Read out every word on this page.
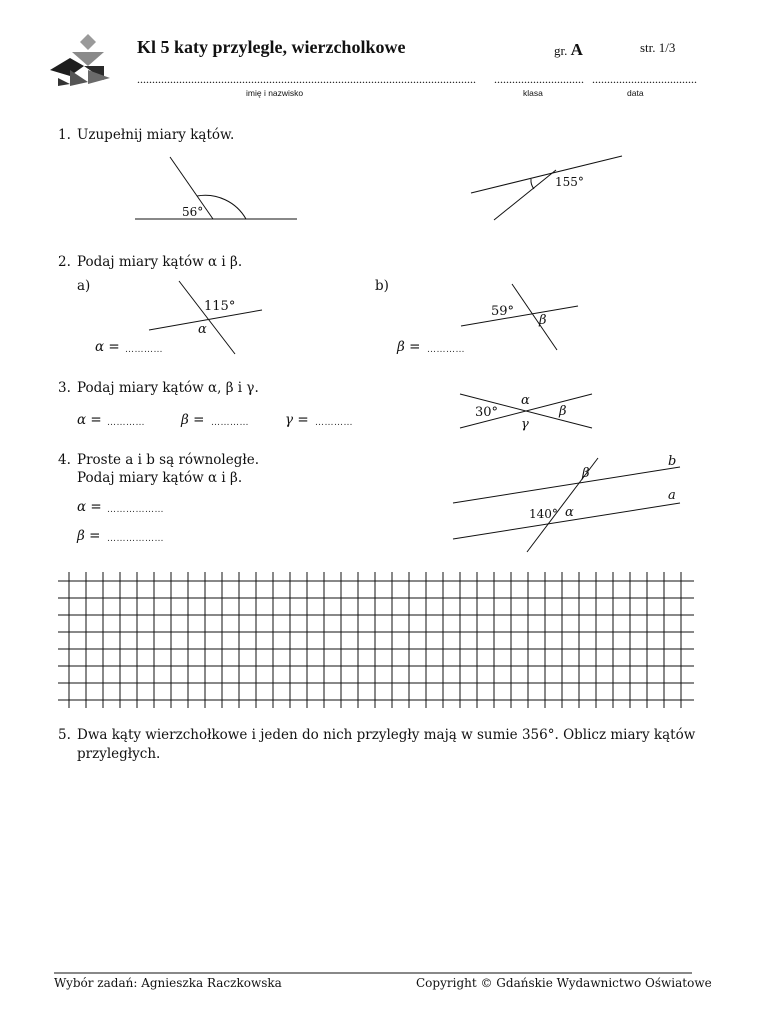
56°
155°
115°
α
59°
β
α
30°	β
γ
b
a
β
140° α
Kl 5 katy przylegle, wierzcholkowe	gr. A	str. 1/3
................................................................................................................. .............................. ...................................
imię i nazwisko	klasa	data
1. Uzupełnij miary kątów.
2. Podaj miary kątów α i β.
a)	b)
α = …………	β = …………
3. Podaj miary kątów α, β i γ.
α = …………	β = …………	γ = …………
4. Proste a i b są równoległe.
Podaj miary kątów α i β.
α = ………………
β = ………………
5. Dwa kąty wierzchołkowe i jeden do nich przyległy mają w sumie 356°. Oblicz miary kątów
przyległych.
Wybór zadań: Agnieszka Raczkowska	Copyright © Gdańskie Wydawnictwo Oświatowe
